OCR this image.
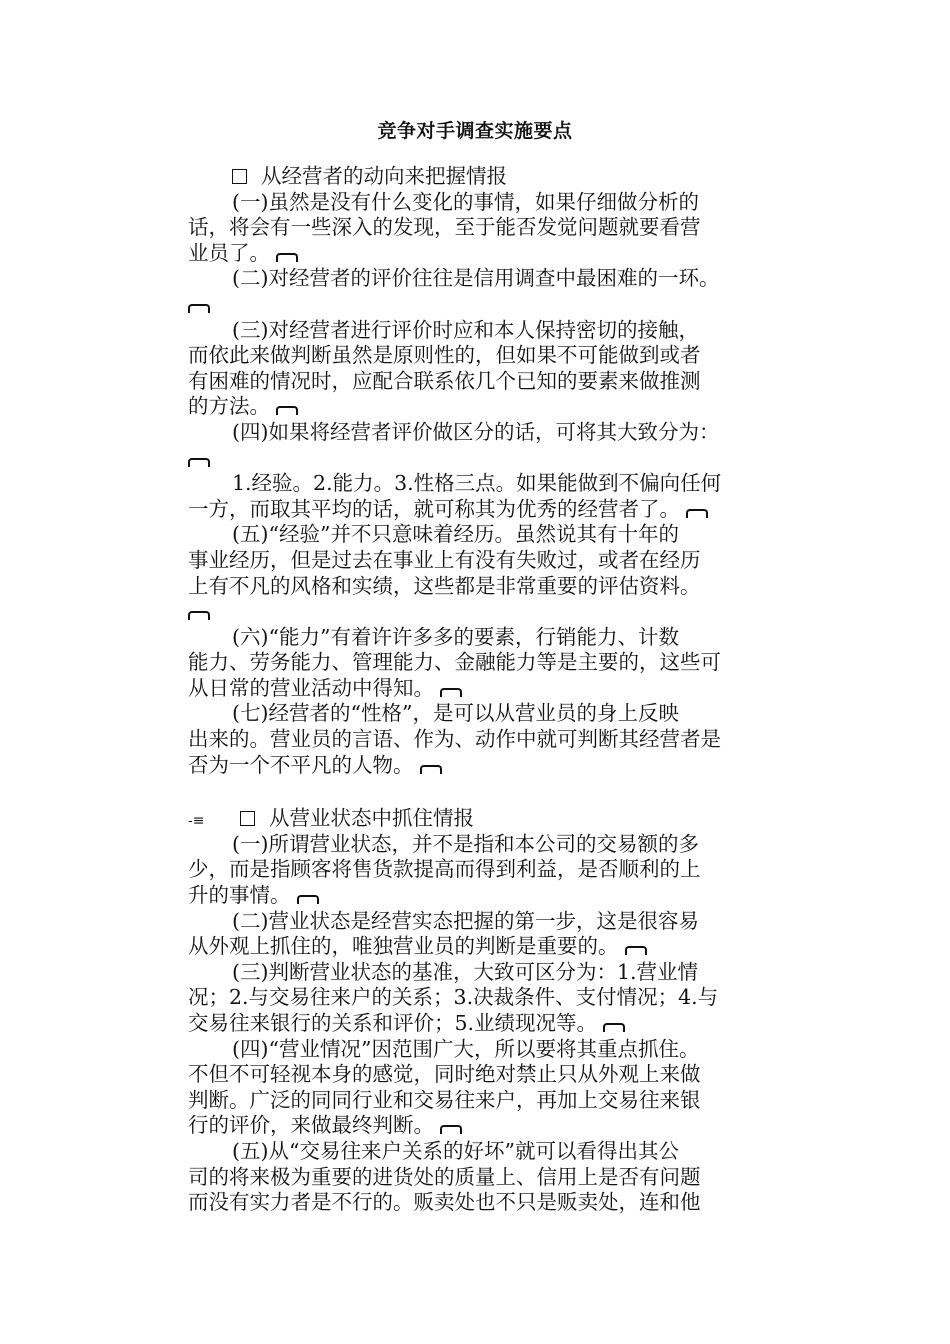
竞争对手调查实施要点
从经营者的动向来把握情报
(一)虽然是没有什么变化的事情，如果仔细做分析的
话，将会有一些深入的发现，至于能否发觉问题就要看营
业员了。
(二)对经营者的评价往往是信用调查中最困难的一环。
(三)对经营者进行评价时应和本人保持密切的接触，
而依此来做判断虽然是原则性的，但如果不可能做到或者
有困难的情况时，应配合联系依几个已知的要素来做推测
的方法。
(四)如果将经营者评价做区分的话，可将其大致分为：
1.经验。2.能力。3.性格三点。如果能做到不偏向任何
一方，而取其平均的话，就可称其为优秀的经营者了。
(五)“经验”并不只意味着经历。虽然说其有十年的
事业经历，但是过去在事业上有没有失败过，或者在经历
上有不凡的风格和实绩，这些都是非常重要的评估资料。
(六)“能力”有着许许多多的要素，行销能力、计数
能力、劳务能力、管理能力、金融能力等是主要的，这些可
从日常的营业活动中得知。
(七)经营者的“性格”，是可以从营业员的身上反映
出来的。营业员的言语、作为、动作中就可判断其经营者是
否为一个不平凡的人物。
-≡	从营业状态中抓住情报
(一)所谓营业状态，并不是指和本公司的交易额的多
少，而是指顾客将售货款提高而得到利益，是否顺利的上
升的事情。
(二)营业状态是经营实态把握的第一步，这是很容易
从外观上抓住的，唯独营业员的判断是重要的。
(三)判断营业状态的基准，大致可区分为：1.营业情
况；2.与交易往来户的关系；3.决裁条件、支付情况；4.与
交易往来银行的关系和评价；5.业绩现况等。
(四)“营业情况”因范围广大，所以要将其重点抓住。
不但不可轻视本身的感觉，同时绝对禁止只从外观上来做
判断。广泛的同同行业和交易往来户，再加上交易往来银
行的评价，来做最终判断。
(五)从“交易往来户关系的好坏”就可以看得出其公
司的将来极为重要的进货处的质量上、信用上是否有问题
而没有实力者是不行的。贩卖处也不只是贩卖处，连和他
